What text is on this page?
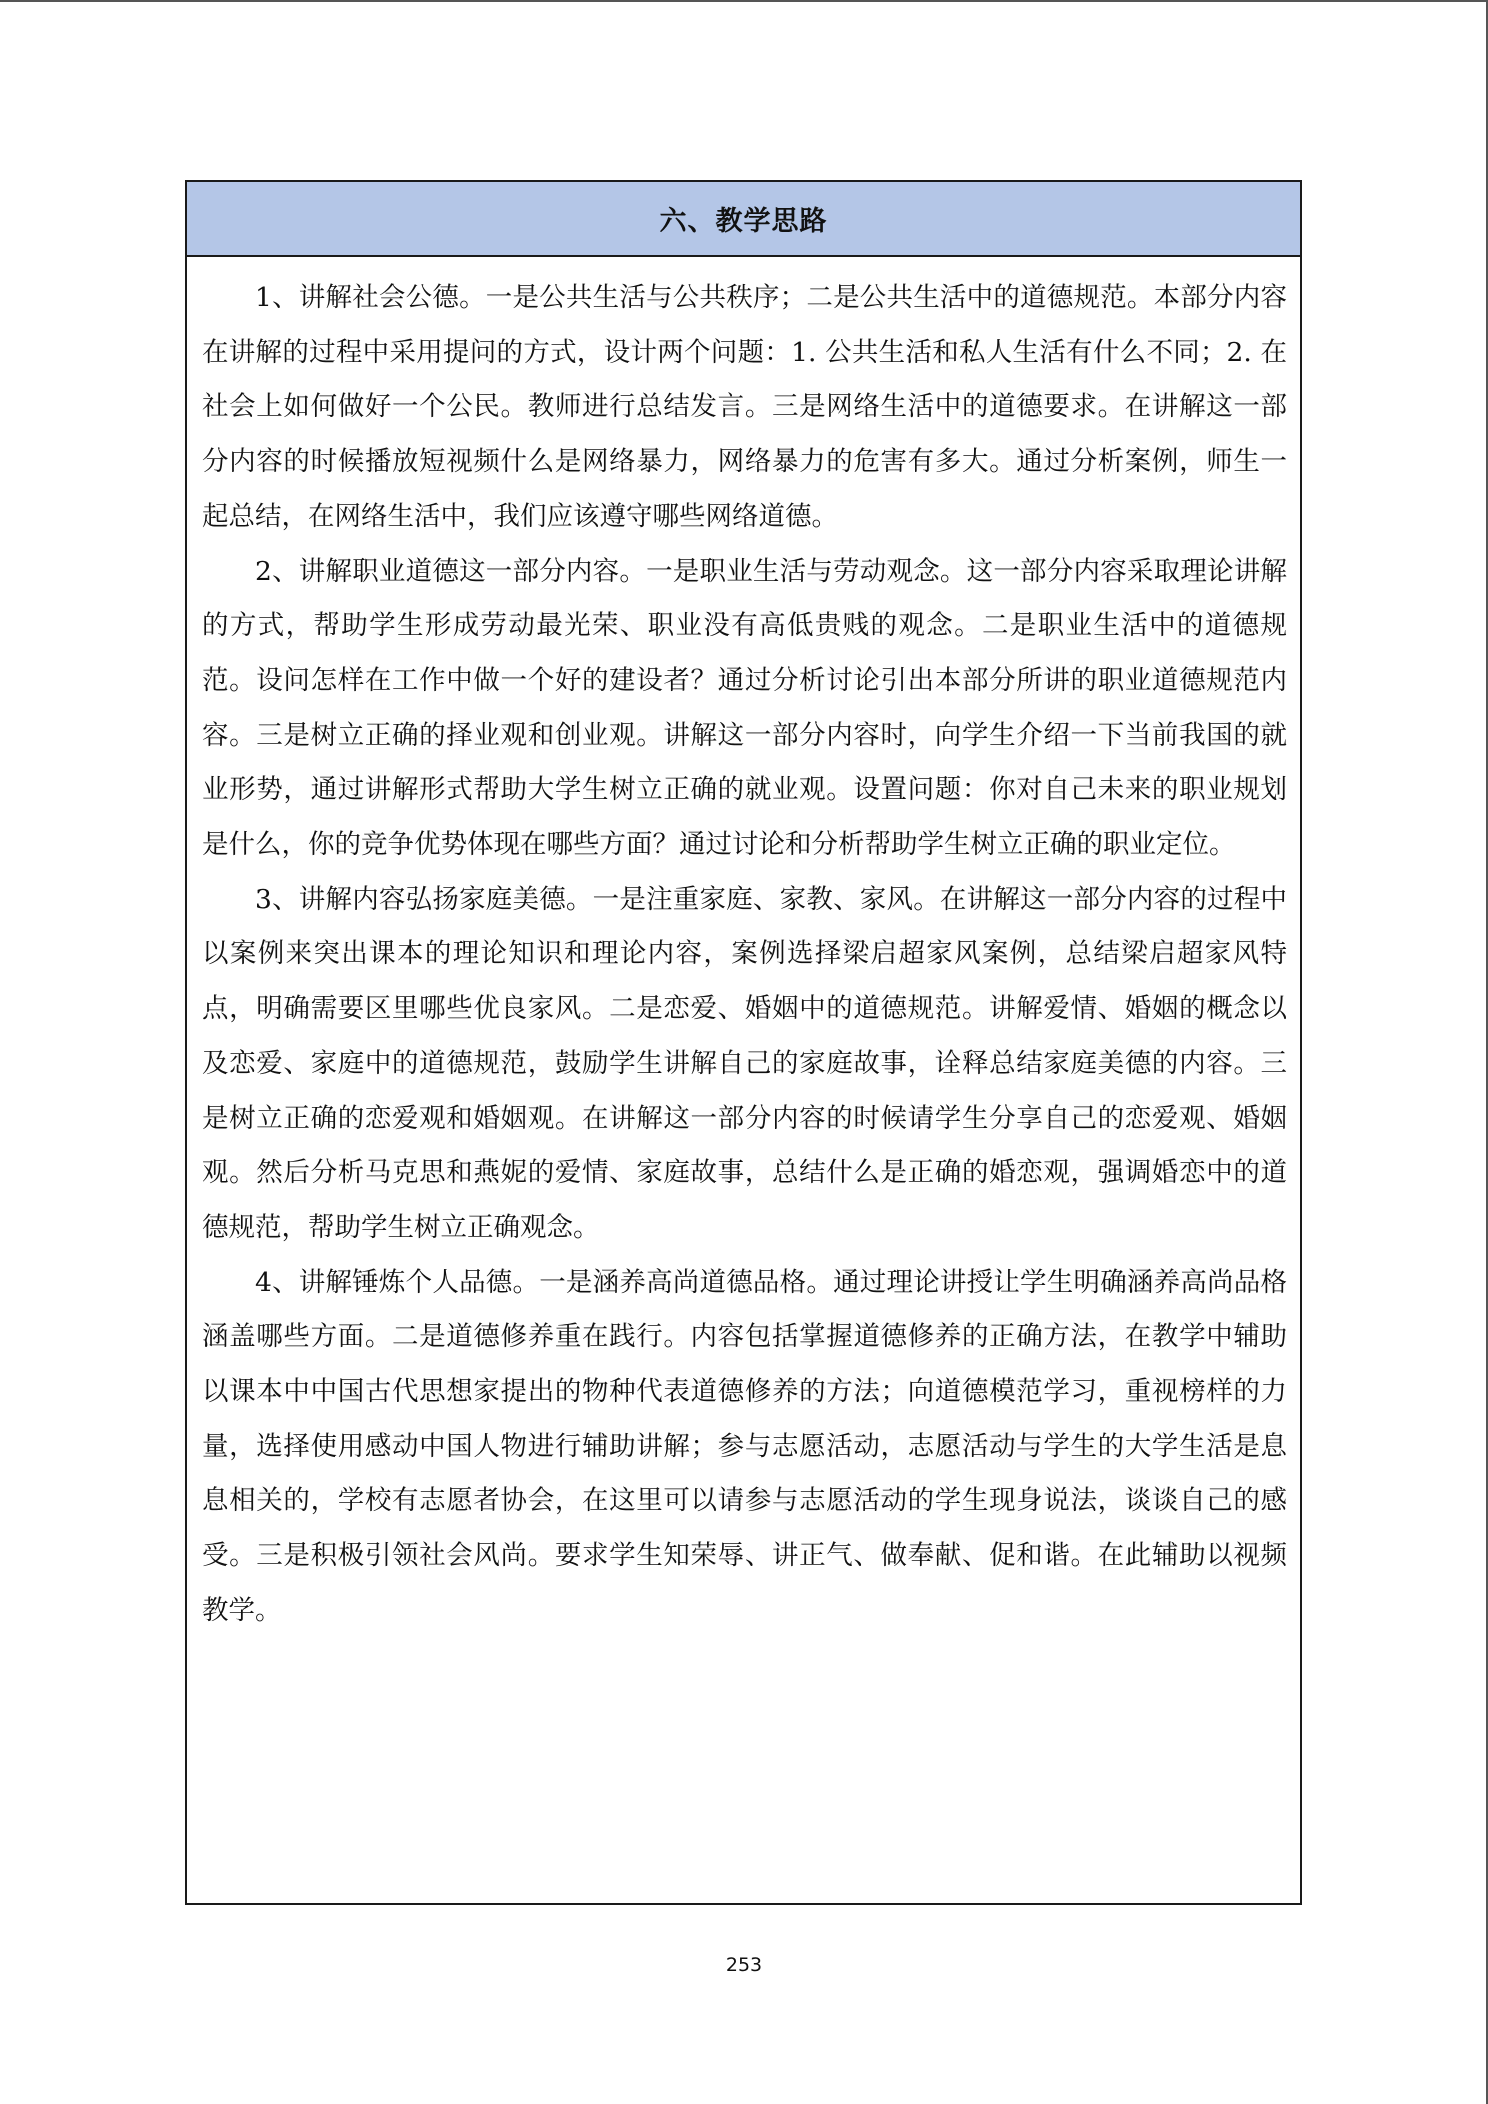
六、教学思路

1、讲解社会公德。一是公共生活与公共秩序；二是公共生活中的道德规范。本部分内容在讲解的过程中采用提问的方式，设计两个问题：1. 公共生活和私人生活有什么不同；2. 在社会上如何做好一个公民。教师进行总结发言。三是网络生活中的道德要求。在讲解这一部分内容的时候播放短视频什么是网络暴力，网络暴力的危害有多大。通过分析案例，师生一起总结，在网络生活中，我们应该遵守哪些网络道德。

2、讲解职业道德这一部分内容。一是职业生活与劳动观念。这一部分内容采取理论讲解的方式，帮助学生形成劳动最光荣、职业没有高低贵贱的观念。二是职业生活中的道德规范。设问怎样在工作中做一个好的建设者？通过分析讨论引出本部分所讲的职业道德规范内容。三是树立正确的择业观和创业观。讲解这一部分内容时，向学生介绍一下当前我国的就业形势，通过讲解形式帮助大学生树立正确的就业观。设置问题：你对自己未来的职业规划是什么，你的竞争优势体现在哪些方面？通过讨论和分析帮助学生树立正确的职业定位。

3、讲解内容弘扬家庭美德。一是注重家庭、家教、家风。在讲解这一部分内容的过程中以案例来突出课本的理论知识和理论内容，案例选择梁启超家风案例，总结梁启超家风特点，明确需要区里哪些优良家风。二是恋爱、婚姻中的道德规范。讲解爱情、婚姻的概念以及恋爱、家庭中的道德规范，鼓励学生讲解自己的家庭故事，诠释总结家庭美德的内容。三是树立正确的恋爱观和婚姻观。在讲解这一部分内容的时候请学生分享自己的恋爱观、婚姻观。然后分析马克思和燕妮的爱情、家庭故事，总结什么是正确的婚恋观，强调婚恋中的道德规范，帮助学生树立正确观念。

4、讲解锤炼个人品德。一是涵养高尚道德品格。通过理论讲授让学生明确涵养高尚品格涵盖哪些方面。二是道德修养重在践行。内容包括掌握道德修养的正确方法，在教学中辅助以课本中中国古代思想家提出的物种代表道德修养的方法；向道德模范学习，重视榜样的力量，选择使用感动中国人物进行辅助讲解；参与志愿活动，志愿活动与学生的大学生活是息息相关的，学校有志愿者协会，在这里可以请参与志愿活动的学生现身说法，谈谈自己的感受。三是积极引领社会风尚。要求学生知荣辱、讲正气、做奉献、促和谐。在此辅助以视频教学。

253
